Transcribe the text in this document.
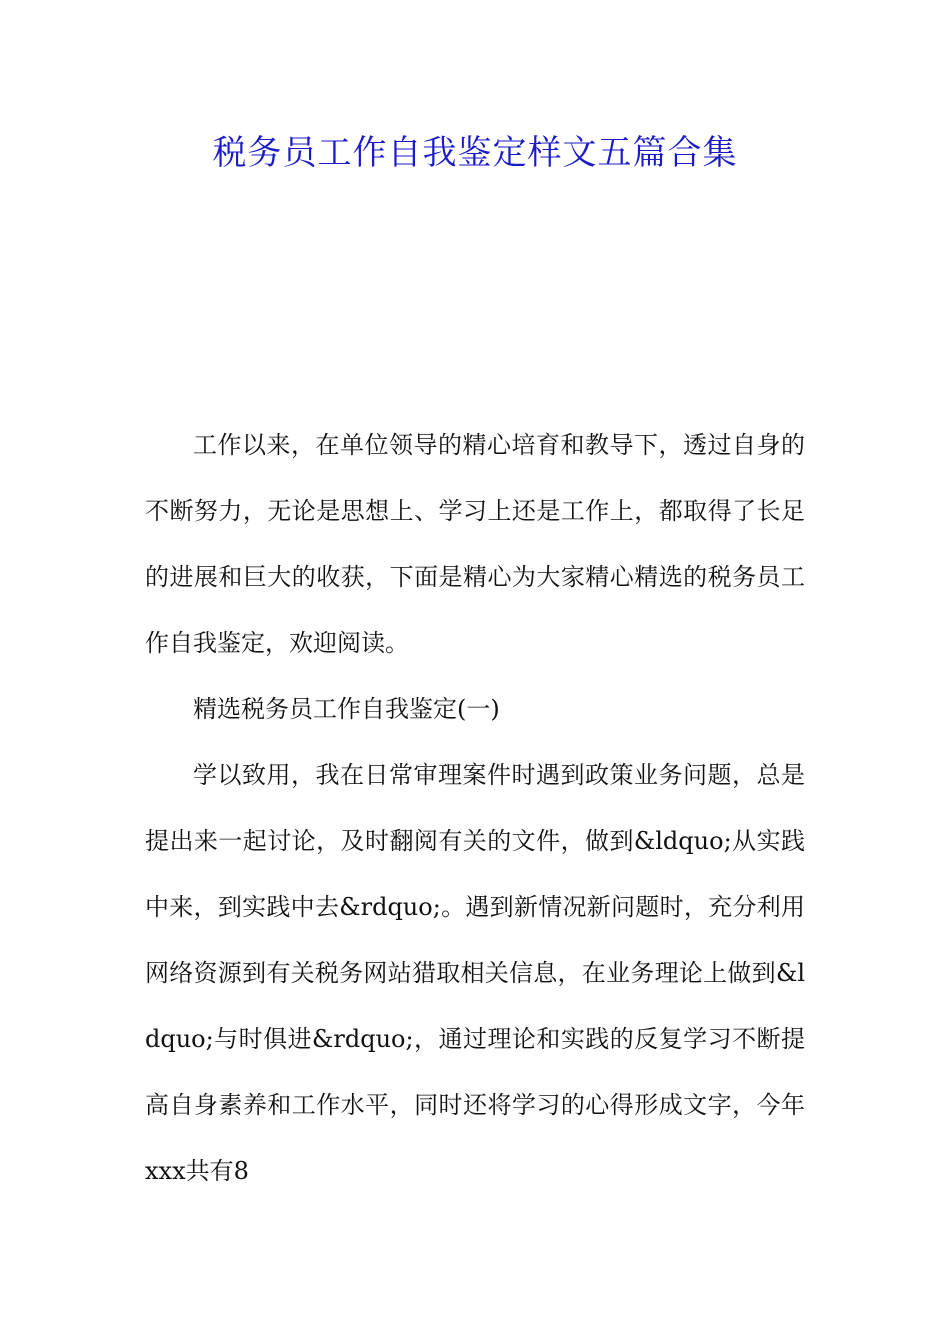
税务员工作自我鉴定样文五篇合集

工作以来，在单位领导的精心培育和教导下，透过自身的不断努力，无论是思想上、学习上还是工作上，都取得了长足的进展和巨大的收获，下面是精心为大家精心精选的税务员工作自我鉴定，欢迎阅读。

精选税务员工作自我鉴定(一)

学以致用，我在日常审理案件时遇到政策业务问题，总是提出来一起讨论，及时翻阅有关的文件，做到&ldquo;从实践中来，到实践中去&rdquo;。遇到新情况新问题时，充分利用网络资源到有关税务网站猎取相关信息，在业务理论上做到&ldquo;与时俱进&rdquo;，通过理论和实践的反复学习不断提高自身素养和工作水平，同时还将学习的心得形成文字，今年xxx共有8
